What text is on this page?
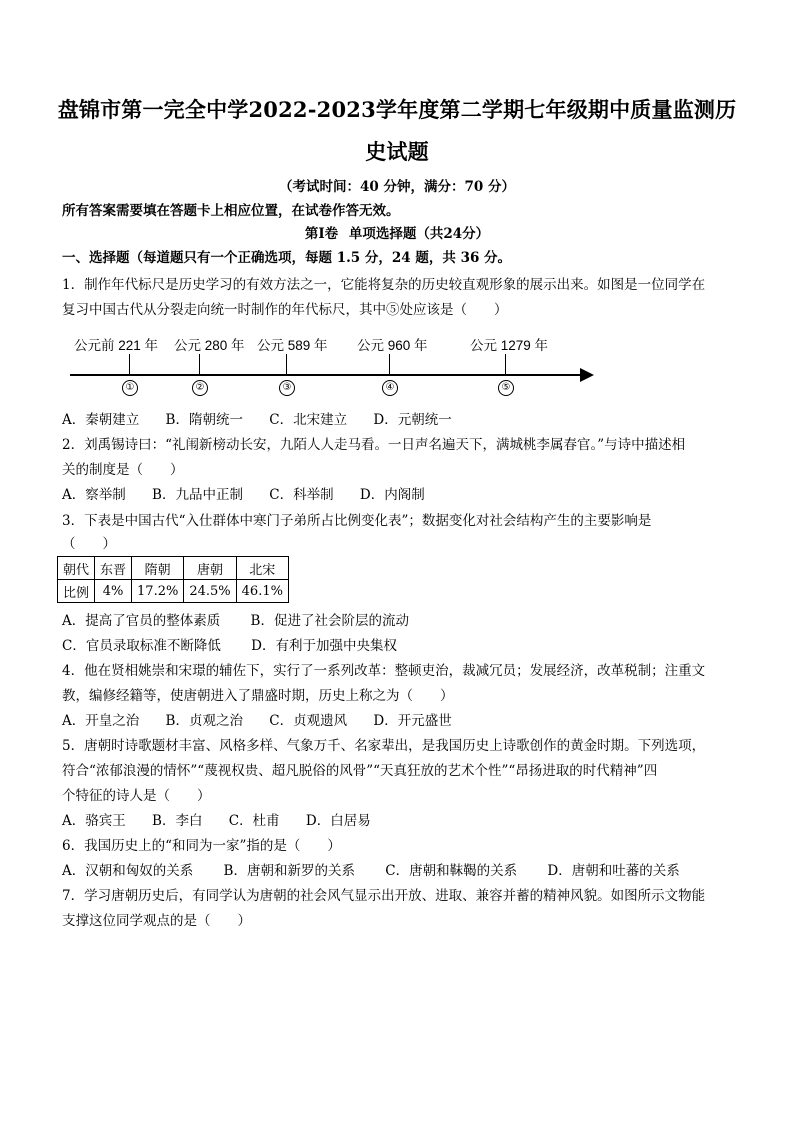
盘锦市第一完全中学2022-2023学年度第二学期七年级期中质量监测历
史试题
（考试时间：40 分钟，满分：70 分）
所有答案需要填在答题卡上相应位置，在试卷作答无效。
第Ⅰ卷 单项选择题（共24分）
一、选择题（每道题只有一个正确选项，每题 1.5 分，24 题，共 36 分。
1．制作年代标尺是历史学习的有效方法之一，它能将复杂的历史较直观形象的展示出来。如图是一位同学在
复习中国古代从分裂走向统一时制作的年代标尺，其中⑤处应该是（　　）
公元前 221 年 公元 280 年 公元 589 年 公元 960 年	公元 1279 年
①	②	③	④	⑤
A．秦朝建立 B．隋朝统一 C．北宋建立 D．元朝统一
2．刘禹锡诗曰：“礼闱新榜动长安，九陌人人走马看。一日声名遍天下，满城桃李属春官。”与诗中描述相
关的制度是（　　）
A．察举制 B．九品中正制 C．科举制 D．内阁制
3．下表是中国古代“入仕群体中寒门子弟所占比例变化表”；数据变化对社会结构产生的主要影响是
（　　）
朝代	东晋	隋朝	唐朝	北宋
比例	4%	17.2%	24.5%	46.1%
A．提高了官员的整体素质 B．促进了社会阶层的流动
C．官员录取标准不断降低 D．有利于加强中央集权
4．他在贤相姚崇和宋璟的辅佐下，实行了一系列改革：整顿吏治，裁减冗员；发展经济，改革税制；注重文
教，编修经籍等，使唐朝进入了鼎盛时期，历史上称之为（　　）
A．开皇之治 B．贞观之治 C．贞观遗风 D．开元盛世
5．唐朝时诗歌题材丰富、风格多样、气象万千、名家辈出，是我国历史上诗歌创作的黄金时期。下列选项，
符合“浓郁浪漫的情怀”“蔑视权贵、超凡脱俗的风骨”“天真狂放的艺术个性”“昂扬进取的时代精神”四
个特征的诗人是（　　）
A．骆宾王 B．李白 C．杜甫 D．白居易
6．我国历史上的“和同为一家”指的是（　　）
A．汉朝和匈奴的关系 B．唐朝和新罗的关系 C．唐朝和靺鞨的关系 D．唐朝和吐蕃的关系
7．学习唐朝历史后，有同学认为唐朝的社会风气显示出开放、进取、兼容并蓄的精神风貌。如图所示文物能
支撑这位同学观点的是（　　）
